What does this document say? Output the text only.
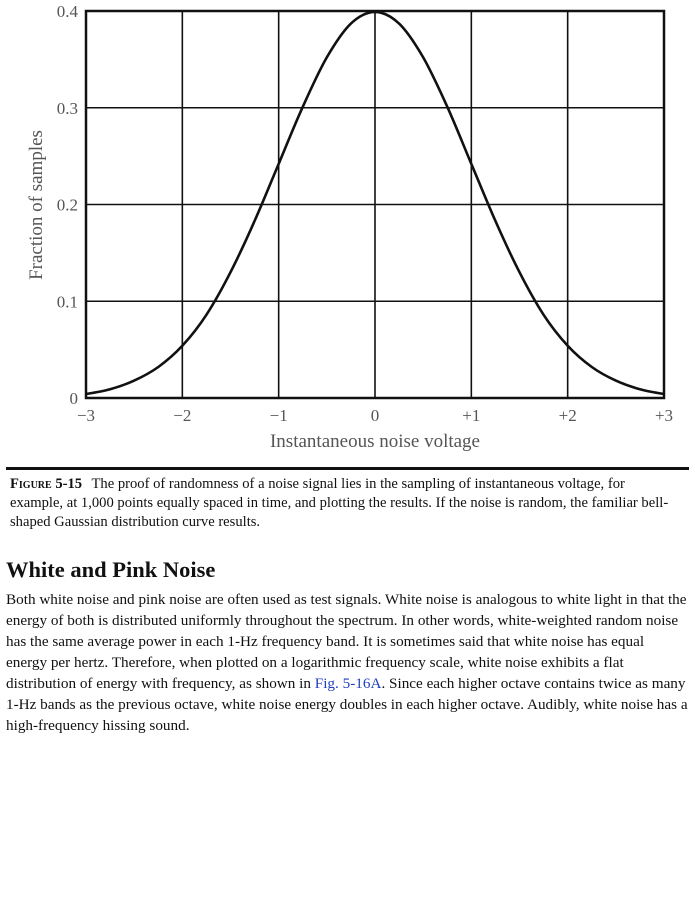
−3	−2	−1	0	+1	+2	+3
0
0.1
0.2
0.3
0.4
Instantaneous noise voltage
Fraction of samples
Figure 5-15 The proof of randomness of a noise signal lies in the sampling of instantaneous voltage, for example, at 1,000 points equally spaced in time, and plotting the results. If the noise is random, the familiar bell-shaped Gaussian distribution curve results.
White and Pink Noise

Both white noise and pink noise are often used as test signals. White noise is analogous to white light in that the energy of both is distributed uniformly throughout the spectrum. In other words, white-weighted random noise has the same average power in each 1-Hz frequency band. It is sometimes said that white noise has equal energy per hertz. Therefore, when plotted on a logarithmic frequency scale, white noise exhibits a flat distribution of energy with frequency, as shown in Fig. 5-16A. Since each higher octave contains twice as many 1-Hz bands as the previous octave, white noise energy doubles in each higher octave. Audibly, white noise has a high-frequency hissing sound.
